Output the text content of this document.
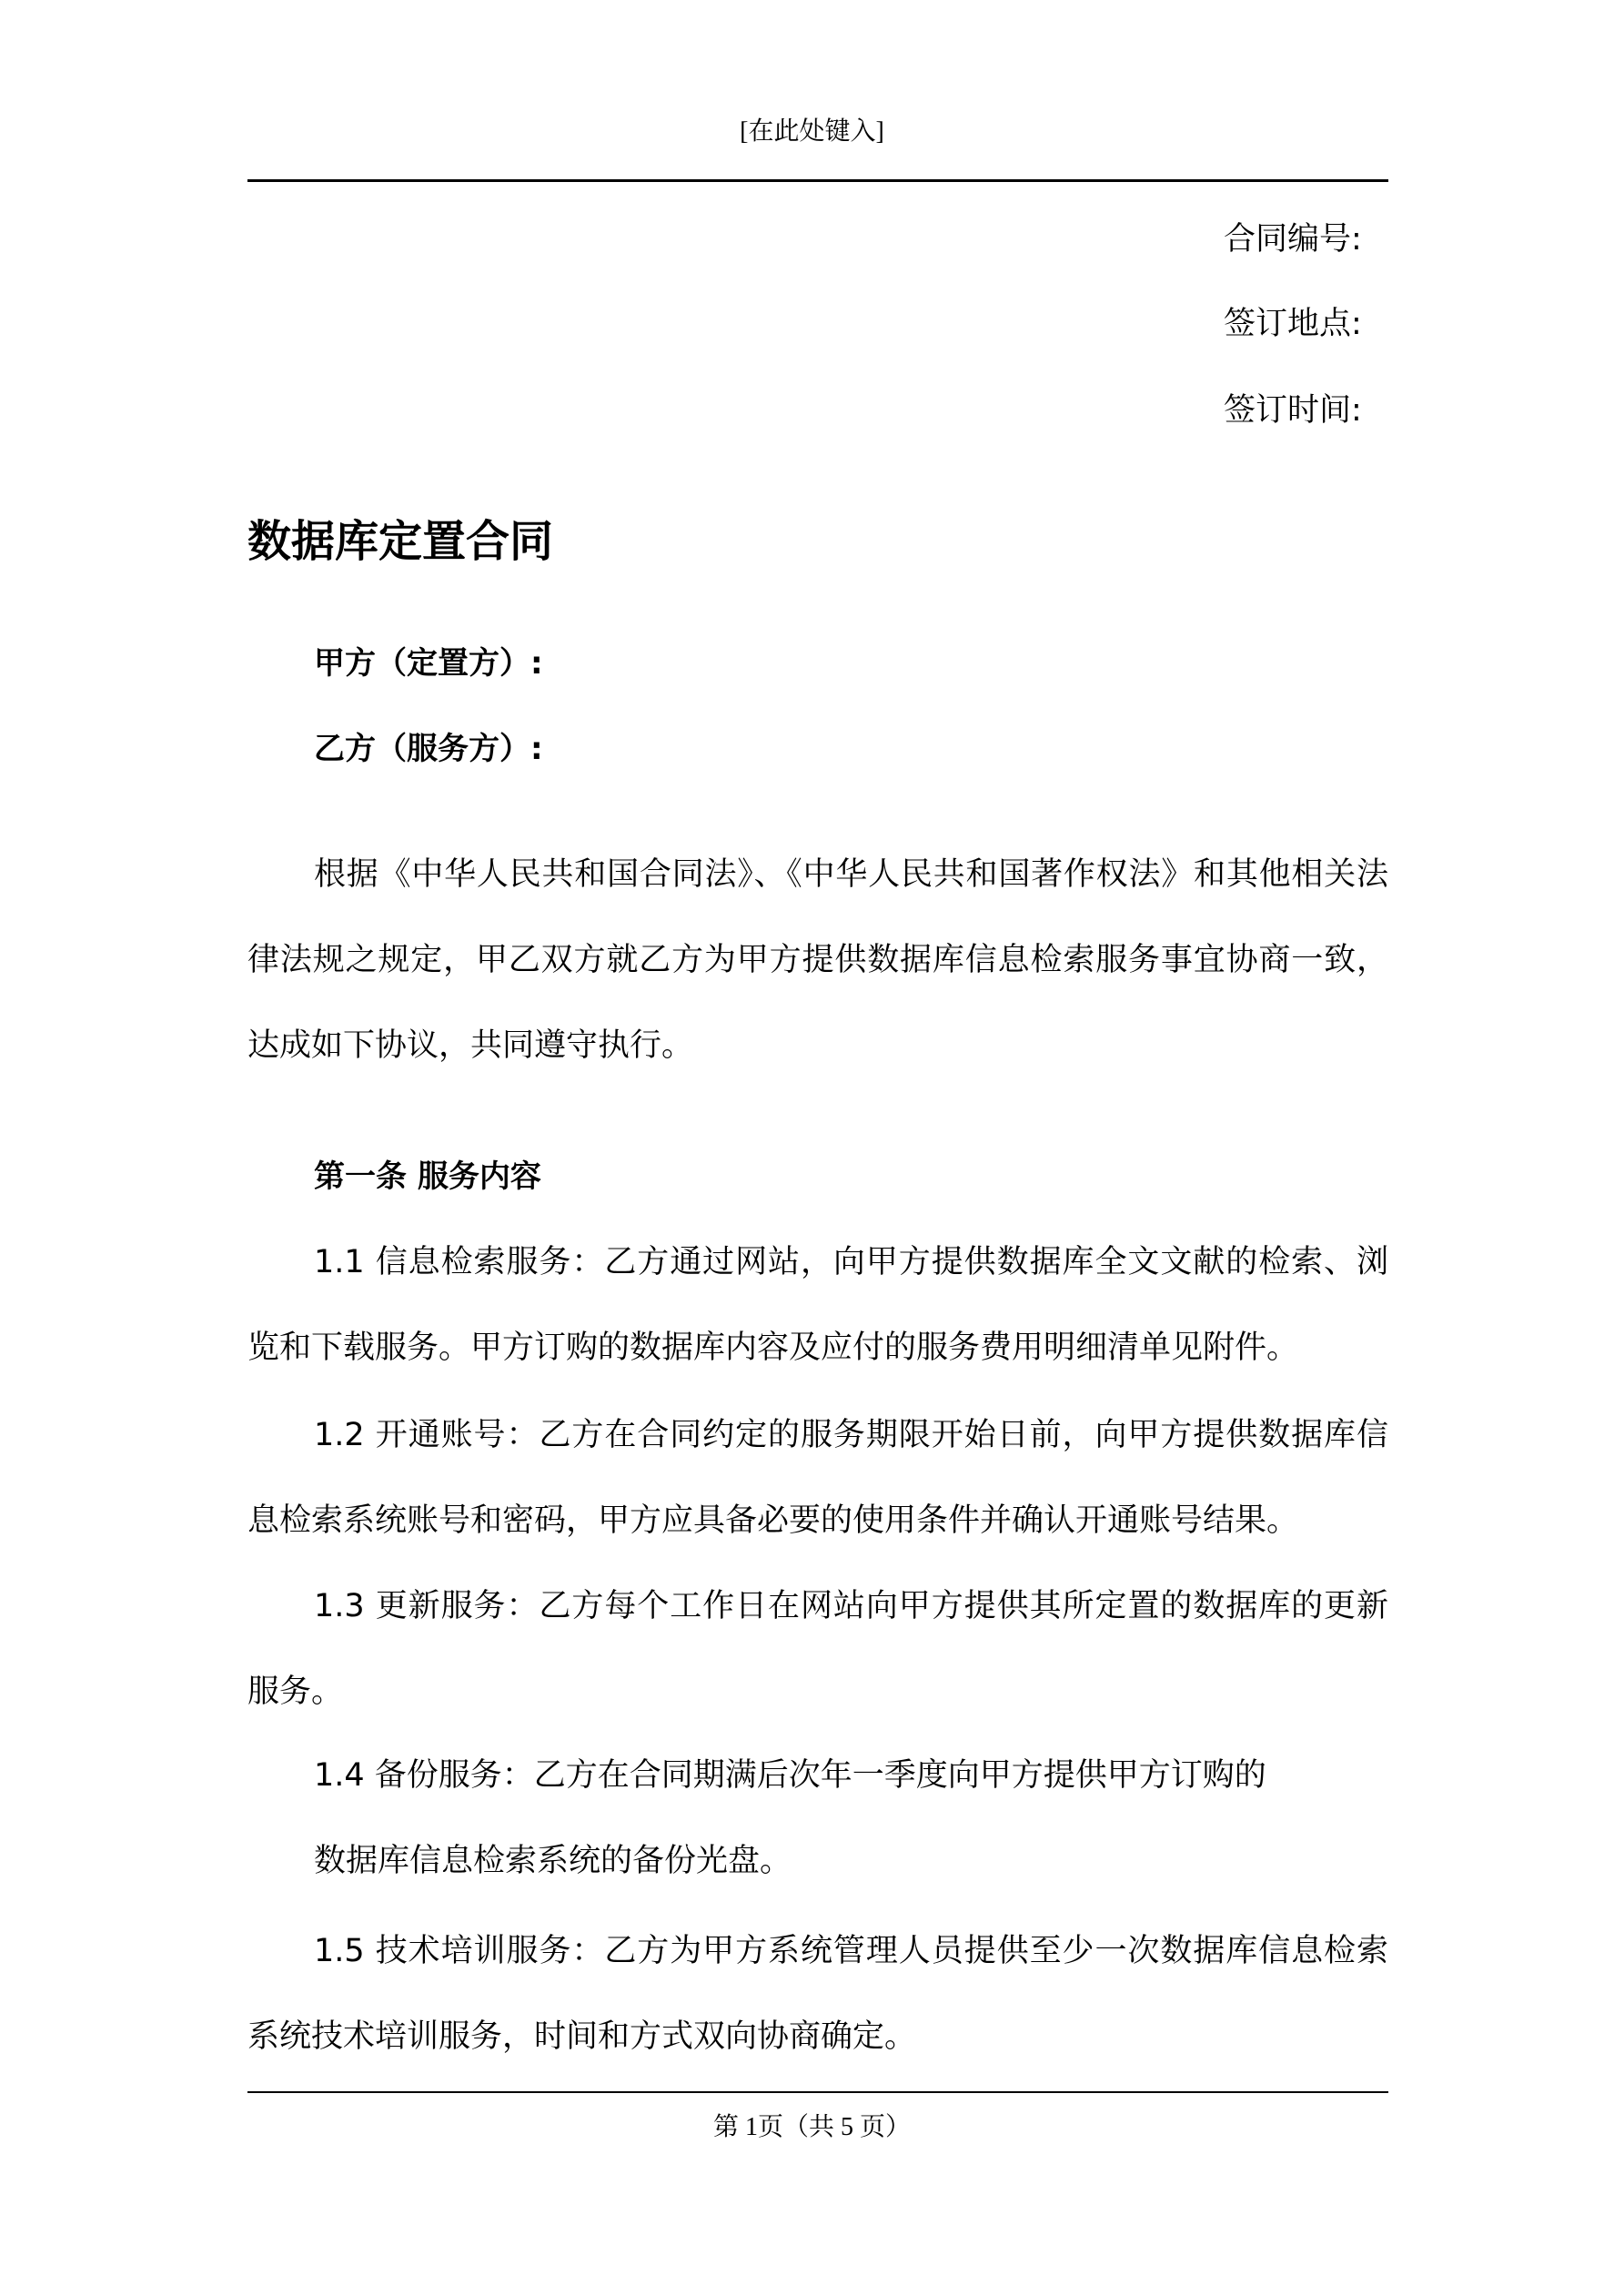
[在此处键入]
合同编号:
签订地点:
签订时间:
数据库定置合同
甲方（定置方）:
乙方（服务方）:
根据《中华人民共和国合同法》、《中华人民共和国著作权法》和其他相关法律法规之规定，甲乙双方就乙方为甲方提供数据库信息检索服务事宜协商一致，达成如下协议，共同遵守执行。
第一条 服务内容
1.1 信息检索服务：乙方通过网站，向甲方提供数据库全文文献的检索、浏览和下载服务。甲方订购的数据库内容及应付的服务费用明细清单见附件。
1.2 开通账号：乙方在合同约定的服务期限开始日前，向甲方提供数据库信息检索系统账号和密码，甲方应具备必要的使用条件并确认开通账号结果。
1.3 更新服务：乙方每个工作日在网站向甲方提供其所定置的数据库的更新服务。
1.4 备份服务：乙方在合同期满后次年一季度向甲方提供甲方订购的
数据库信息检索系统的备份光盘。
1.5 技术培训服务：乙方为甲方系统管理人员提供至少一次数据库信息检索系统技术培训服务，时间和方式双向协商确定。
第 1页（共 5 页）
